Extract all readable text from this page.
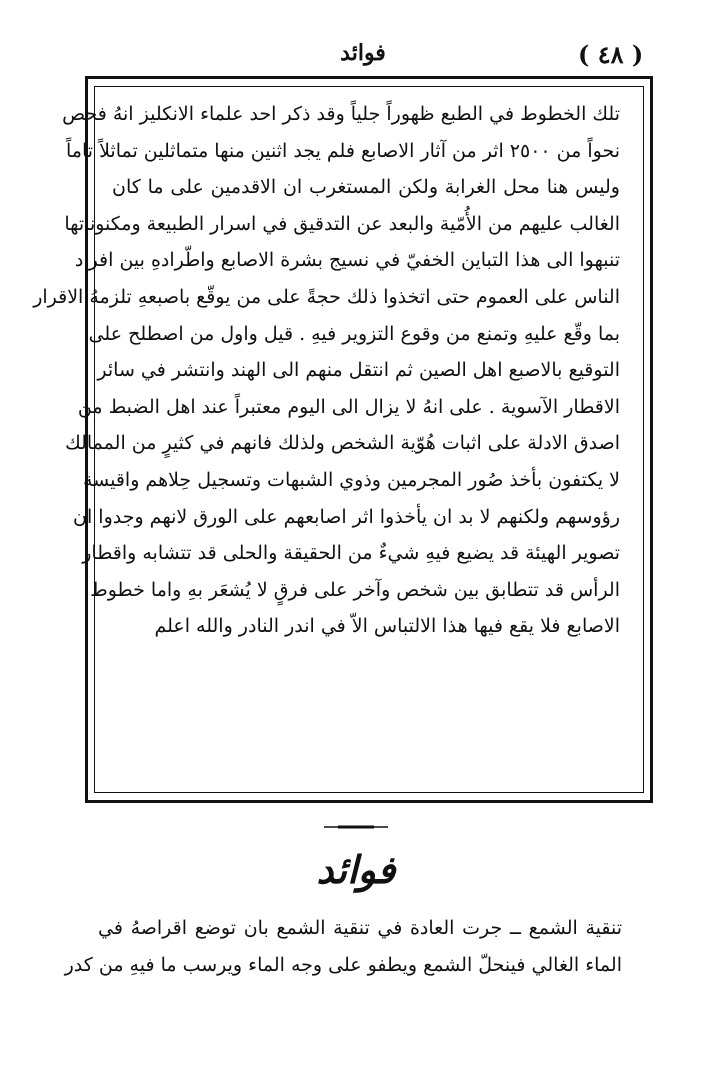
( ٤٨ )
فوائد
تلك الخطوط في الطبع ظهوراً جلياً وقد ذكر احد علماء الانكليز انهُ فحص
نحواً من ٢٥٠٠ اثر من آثار الاصابع فلم يجد اثنين منها متماثلين تماثلاً تاماً
وليس هنا محل الغرابة ولكن المستغرب ان الاقدمين على ما كان
الغالب عليهم من الأُمّية والبعد عن التدقيق في اسرار الطبيعة ومكنوناتها
تنبهوا الى هذا التباين الخفيّ في نسيج بشرة الاصابع واطّرادهِ بين افراد
الناس على العموم حتى اتخذوا ذلك حجةً على من يوقّع باصبعهِ تلزمهُ الاقرار
بما وقّع عليهِ وتمنع من وقوع التزوير فيهِ . قيل واول من اصطلح على
التوقيع بالاصبع اهل الصين ثم انتقل منهم الى الهند وانتشر في سائر
الاقطار الآسوية . على انهُ لا يزال الى اليوم معتبراً عند اهل الضبط من
اصدق الادلة على اثبات هُوّية الشخص ولذلك فانهم في كثيرٍ من الممالك
لا يكتفون بأخذ صُور المجرمين وذوي الشبهات وتسجيل حِلاهم واقيسة
رؤوسهم ولكنهم لا بد ان يأخذوا اثر اصابعهم على الورق لانهم وجدوا ان
تصوير الهيئة قد يضيع فيهِ شيءٌ من الحقيقة والحلى قد تتشابه واقطار
الرأس قد تتطابق بين شخص وآخر على فرقٍ لا يُشعَر بهِ واما خطوط
الاصابع فلا يقع فيها هذا الالتباس الاّ في اندر النادر والله اعلم
فوائد
تنقية الشمع ــ جرت العادة في تنقية الشمع بان توضع اقراصهُ في
الماء الغالي فينحلّ الشمع ويطفو على وجه الماء ويرسب ما فيهِ من كدر
